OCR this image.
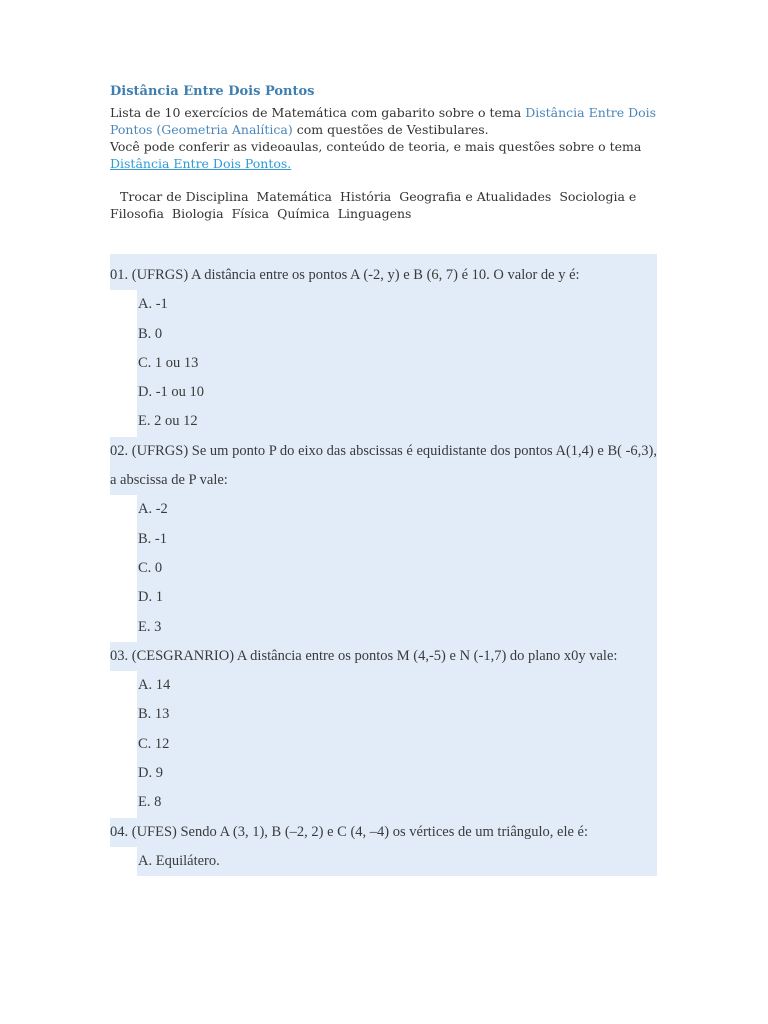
Distância Entre Dois Pontos
Lista de 10 exercícios de Matemática com gabarito sobre o tema Distância Entre Dois Pontos (Geometria Analítica) com questões de Vestibulares.
Você pode conferir as videoaulas, conteúdo de teoria, e mais questões sobre o tema Distância Entre Dois Pontos.
Trocar de Disciplina Matemática História Geografia e Atualidades Sociologia e Filosofia Biologia Física Química Linguagens
01. (UFRGS) A distância entre os pontos A (-2, y) e B (6, 7) é 10. O valor de y é:
A. -1
B. 0
C. 1 ou 13
D. -1 ou 10
E. 2 ou 12
02. (UFRGS) Se um ponto P do eixo das abscissas é equidistante dos pontos A(1,4) e B( -6,3), a abscissa de P vale:
A. -2
B. -1
C. 0
D. 1
E. 3
03. (CESGRANRIO) A distância entre os pontos M (4,-5) e N (-1,7) do plano x0y vale:
A. 14
B. 13
C. 12
D. 9
E. 8
04. (UFES) Sendo A (3, 1), B (–2, 2) e C (4, –4) os vértices de um triângulo, ele é:
A. Equilátero.
